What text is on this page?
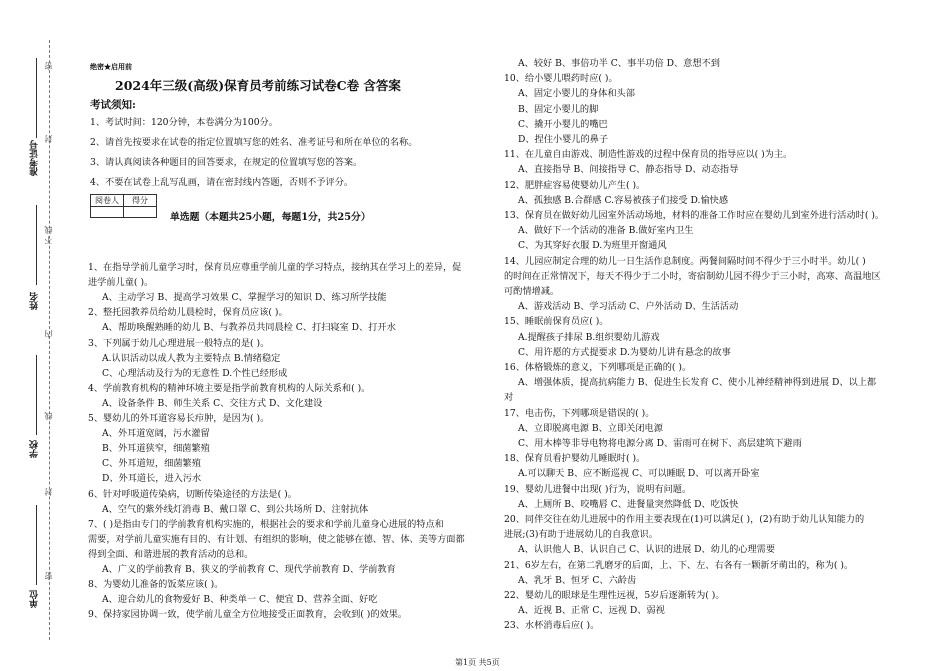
准考证号
姓名
学校
单位
密
封
线
不
内
线
封
密
绝密★启用前
2024年三级(高级)保育员考前练习试卷C卷 含答案
考试须知:
1、考试时间：120分钟，本卷满分为100分。
2、请首先按要求在试卷的指定位置填写您的姓名、准考证号和所在单位的名称。
3、请认真阅读各种题目的回答要求，在规定的位置填写您的答案。
4、不要在试卷上乱写乱画，请在密封线内答题，否则不予评分。
阅卷人	得分

单选题（本题共25小题，每题1分，共25分）
1、在指导学前儿童学习时，保育员应尊重学前儿童的学习特点，接纳其在学习上的差异，促
进学前儿童( )。
A、主动学习 B、提高学习效果 C、掌握学习的知识 D、练习所学技能
2、整托园教养员给幼儿晨检时，保育员应该( )。
A、帮助唤醒熟睡的幼儿 B、与教养员共同晨检 C、打扫寝室 D、打开水
3、下列属于幼儿心理进展一般特点的是( )。
A.认识活动以成人教为主要特点 B.情绪稳定
C、心理活动及行为的无意性 D.个性已经形成
4、学前教育机构的精神环境主要是指学前教育机构的人际关系和( )。
A、设备条件 B、师生关系 C、交往方式 D、文化建设
5、婴幼儿的外耳道容易长疖肿，是因为( )。
A、外耳道宽阔，污水灌留
B、外耳道狭窄，细菌繁殖
C、外耳道短，细菌繁殖
D、外耳道长，进入污水
6、针对呼吸道传染病，切断传染途径的方法是( )。
A、空气的紫外线灯消毒 B、戴口罩 C、到公共场所 D、注射抗体
7、( )是指由专门的学前教育机构实施的，根据社会的要求和学前儿童身心进展的特点和
需要，对学前儿童实施有目的、有计划、有组织的影响，使之能够在德、智、体、美等方面都
得到全面、和谐进展的教育活动的总和。
A、广义的学前教育 B、狭义的学前教育 C、现代学前教育 D、学前教育
8、为婴幼儿准备的饭菜应该( )。
A、迎合幼儿的食物爱好 B、种类单一 C、便宜 D、营养全面、好吃
9、保持家园协调一致，使学前儿童全方位地接受正面教育，会收到( )的效果。
A、较好 B、事倍功半 C、事半功倍 D、意想不到
10、给小婴儿喂药时应( )。
A、固定小婴儿的身体和头部
B、固定小婴儿的脚
C、撬开小婴儿的嘴巴
D、捏住小婴儿的鼻子
11、在儿童自由游戏、制造性游戏的过程中保育员的指导应以( )为主。
A、直接指导 B、间接指导 C、静态指导 D、动态指导
12、肥胖症容易使婴幼儿产生( )。
A、孤独感 B.合群感 C.容易被孩子们接受 D.愉快感
13、保育员在做好幼儿园室外活动场地，材料的准备工作时应在婴幼儿到室外进行活动时( )。
A、做好下一个活动的准备 B.做好室内卫生
C、为其穿好衣服 D.为班里开窗通风
14、儿园应制定合理的幼儿一日生活作息制度。两餐间隔时间不得少于三小时半。幼儿( )
的时间在正常情况下，每天不得少于二小时，寄宿制幼儿园不得少于三小时，高寒、高温地区
可酌情增减。
A、游戏活动 B、学习活动 C、户外活动 D、生活活动
15、睡眠前保育员应( )。
A.提醒孩子排尿 B.组织婴幼儿游戏
C、用许愿的方式提要求 D.为婴幼儿讲有悬念的故事
16、体格锻炼的意义，下列哪项是正确的( )。
A、增强体质，提高抗病能力 B、促进生长发育 C、使小儿神经精神得到进展 D、以上都
对
17、电击伤，下列哪项是错误的( )。
A、立即脱离电源 B、立即关闭电源
C、用木棒等非导电物将电源分离 D、雷雨可在树下、高层建筑下避雨
18、保育员看护婴幼儿睡眠时( )。
A.可以聊天 B、应不断巡视 C、可以睡眠 D、可以离开卧室
19、婴幼儿进餐中出现( )行为，说明有问题。
A、上厕所 B、咬嘴唇 C、进餐量突然降低 D、吃饭快
20、同伴交往在幼儿进展中的作用主要表现在(1)可以满足( )，(2)有助于幼儿认知能力的
进展;(3)有助于进展幼儿的自我意识。
A、认识他人 B、认识自己 C、认识的进展 D、幼儿的心理需要
21、6岁左右，在第二乳磨牙的后面，上、下、左、右各有一颗新牙萌出的，称为( )。
A、乳牙 B、恒牙 C、六龄齿
22、婴幼儿的眼球是生理性远视，5岁后逐渐转为( )。
A、近视 B、正常 C、远视 D、弱视
23、水杯消毒后应( )。
第1页 共5页
